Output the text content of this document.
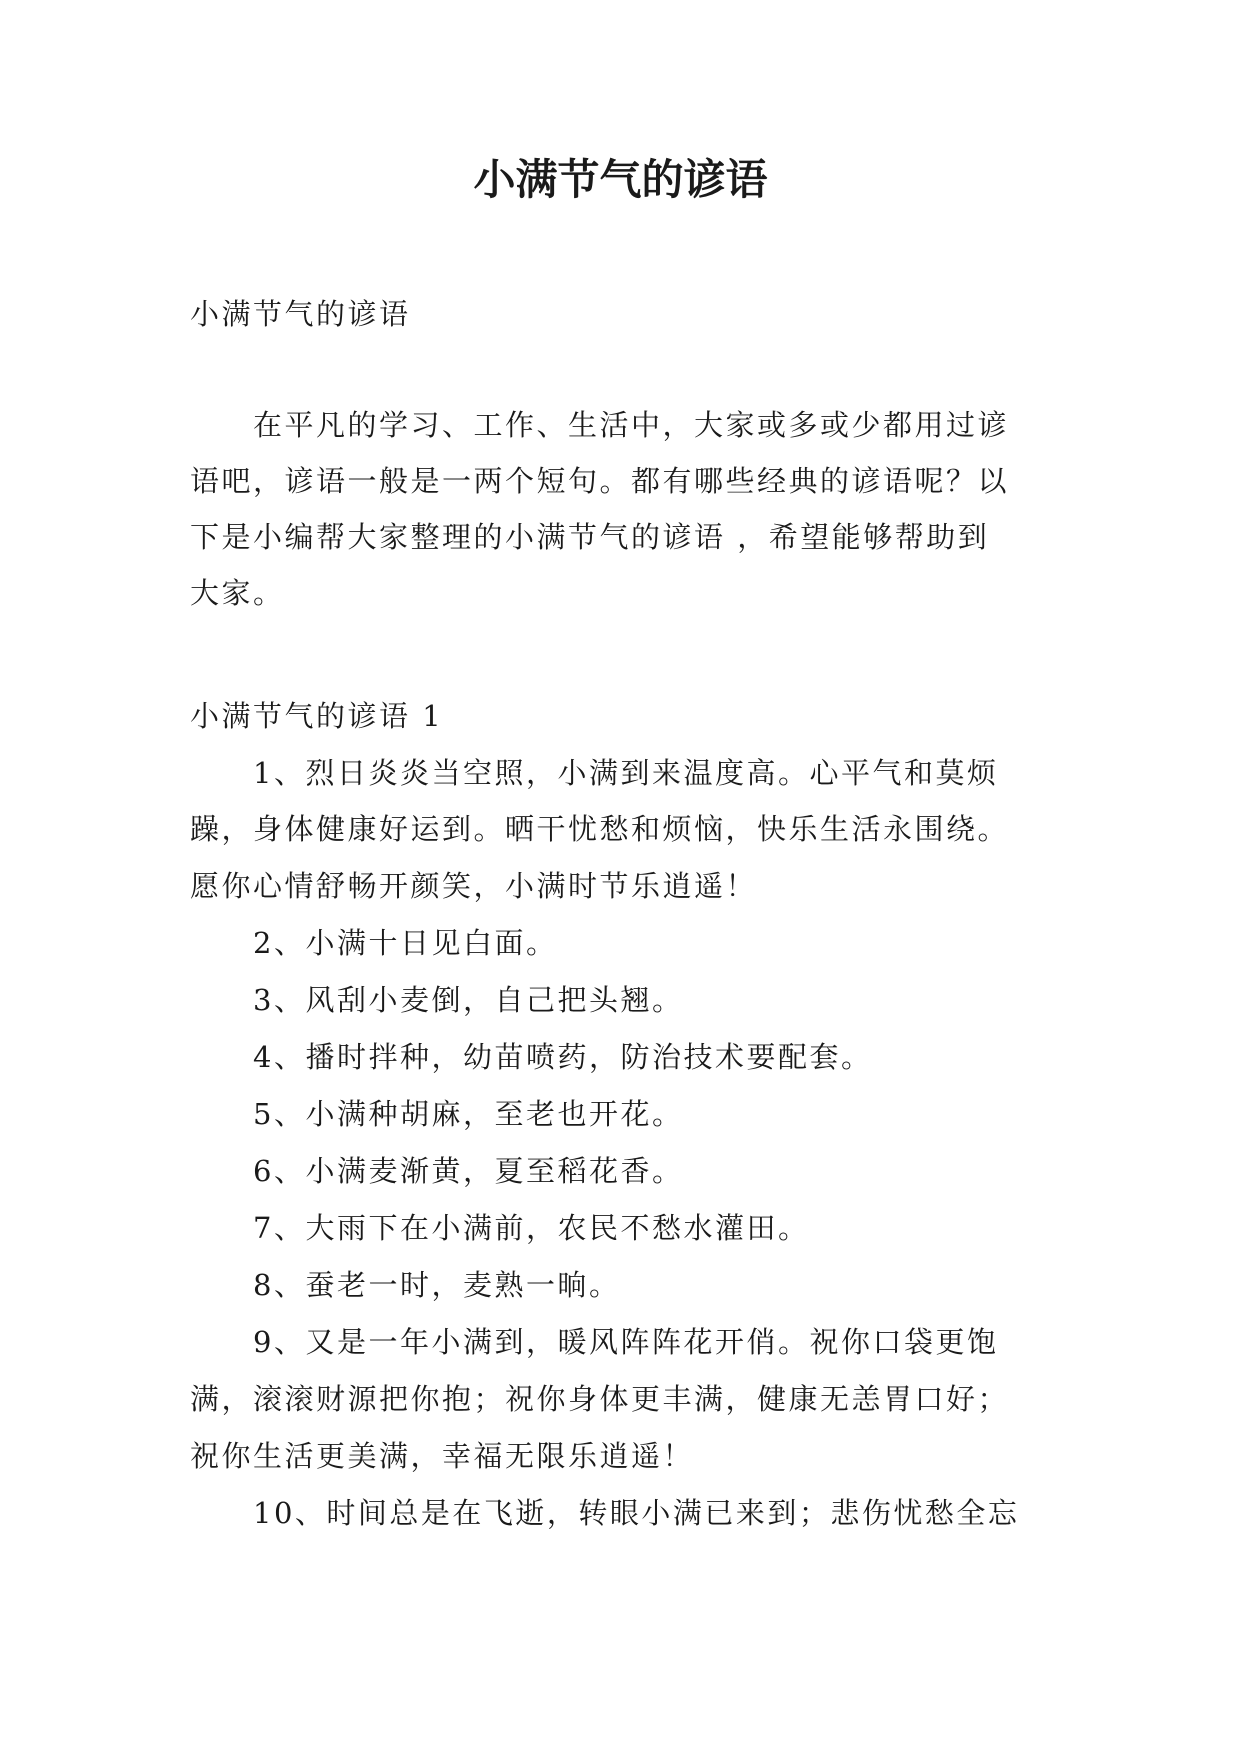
小满节气的谚语

小满节气的谚语

在平凡的学习、工作、生活中，大家或多或少都用过谚

语吧，谚语一般是一两个短句。都有哪些经典的谚语呢？以

下是小编帮大家整理的小满节气的谚语 ，希望能够帮助到

大家。

小满节气的谚语 1

1、烈日炎炎当空照，小满到来温度高。心平气和莫烦

躁，身体健康好运到。晒干忧愁和烦恼，快乐生活永围绕。

愿你心情舒畅开颜笑，小满时节乐逍遥！

2、小满十日见白面。

3、风刮小麦倒，自己把头翘。

4、播时拌种，幼苗喷药，防治技术要配套。

5、小满种胡麻，至老也开花。

6、小满麦渐黄，夏至稻花香。

7、大雨下在小满前，农民不愁水灌田。

8、蚕老一时，麦熟一晌。

9、又是一年小满到，暖风阵阵花开俏。祝你口袋更饱

满，滚滚财源把你抱；祝你身体更丰满，健康无恙胃口好；

祝你生活更美满，幸福无限乐逍遥！

10、时间总是在飞逝，转眼小满已来到；悲伤忧愁全忘
